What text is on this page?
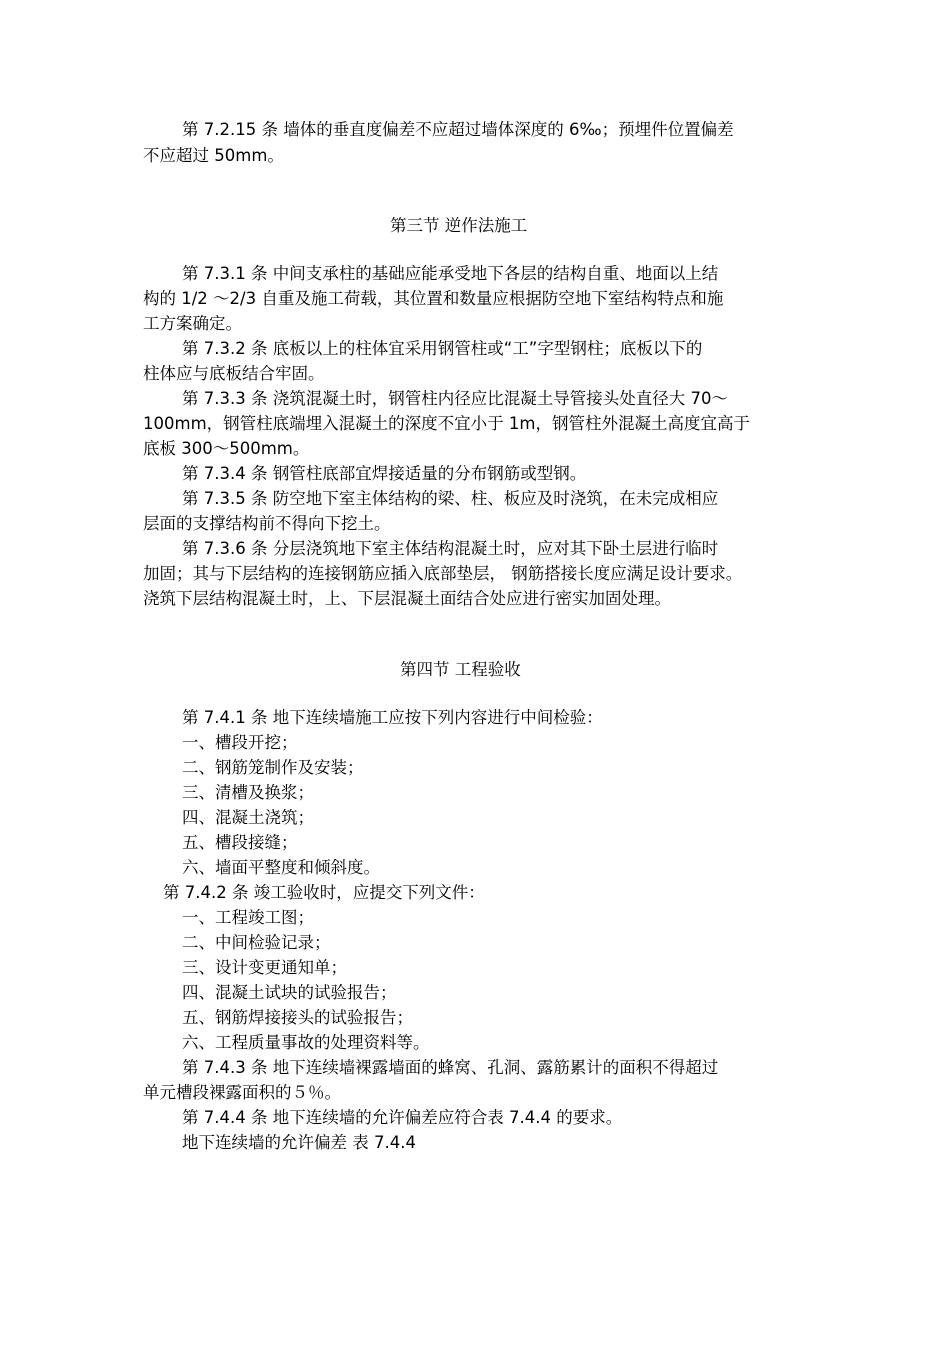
第 7.2.15 条 墙体的垂直度偏差不应超过墙体深度的 6‰；预埋件位置偏差

不应超过 50mm。

第三节 逆作法施工

第 7.3.1 条 中间支承柱的基础应能承受地下各层的结构自重、地面以上结

构的 1/2 ～2/3 自重及施工荷载，其位置和数量应根据防空地下室结构特点和施

工方案确定。

第 7.3.2 条 底板以上的柱体宜采用钢管柱或“工”字型钢柱；底板以下的

柱体应与底板结合牢固。

第 7.3.3 条 浇筑混凝土时，钢管柱内径应比混凝土导管接头处直径大 70～

100mm，钢管柱底端埋入混凝土的深度不宜小于 1m，钢管柱外混凝土高度宜高于

底板 300～500mm。

第 7.3.4 条 钢管柱底部宜焊接适量的分布钢筋或型钢。

第 7.3.5 条 防空地下室主体结构的梁、柱、板应及时浇筑，在未完成相应

层面的支撑结构前不得向下挖土。

第 7.3.6 条 分层浇筑地下室主体结构混凝土时，应对其下卧土层进行临时

加固；其与下层结构的连接钢筋应插入底部垫层， 钢筋搭接长度应满足设计要求。

浇筑下层结构混凝土时，上、下层混凝土面结合处应进行密实加固处理。

第四节 工程验收

第 7.4.1 条 地下连续墙施工应按下列内容进行中间检验：

一、槽段开挖；

二、钢筋笼制作及安装；

三、清槽及换浆；

四、混凝土浇筑；

五、槽段接缝；

六、墙面平整度和倾斜度。

第 7.4.2 条 竣工验收时，应提交下列文件：

一、工程竣工图；

二、中间检验记录；

三、设计变更通知单；

四、混凝土试块的试验报告；

五、钢筋焊接接头的试验报告；

六、工程质量事故的处理资料等。

第 7.4.3 条 地下连续墙裸露墙面的蜂窝、孔洞、露筋累计的面积不得超过

单元槽段裸露面积的５％。

第 7.4.4 条 地下连续墙的允许偏差应符合表 7.4.4 的要求。

地下连续墙的允许偏差 表 7.4.4
